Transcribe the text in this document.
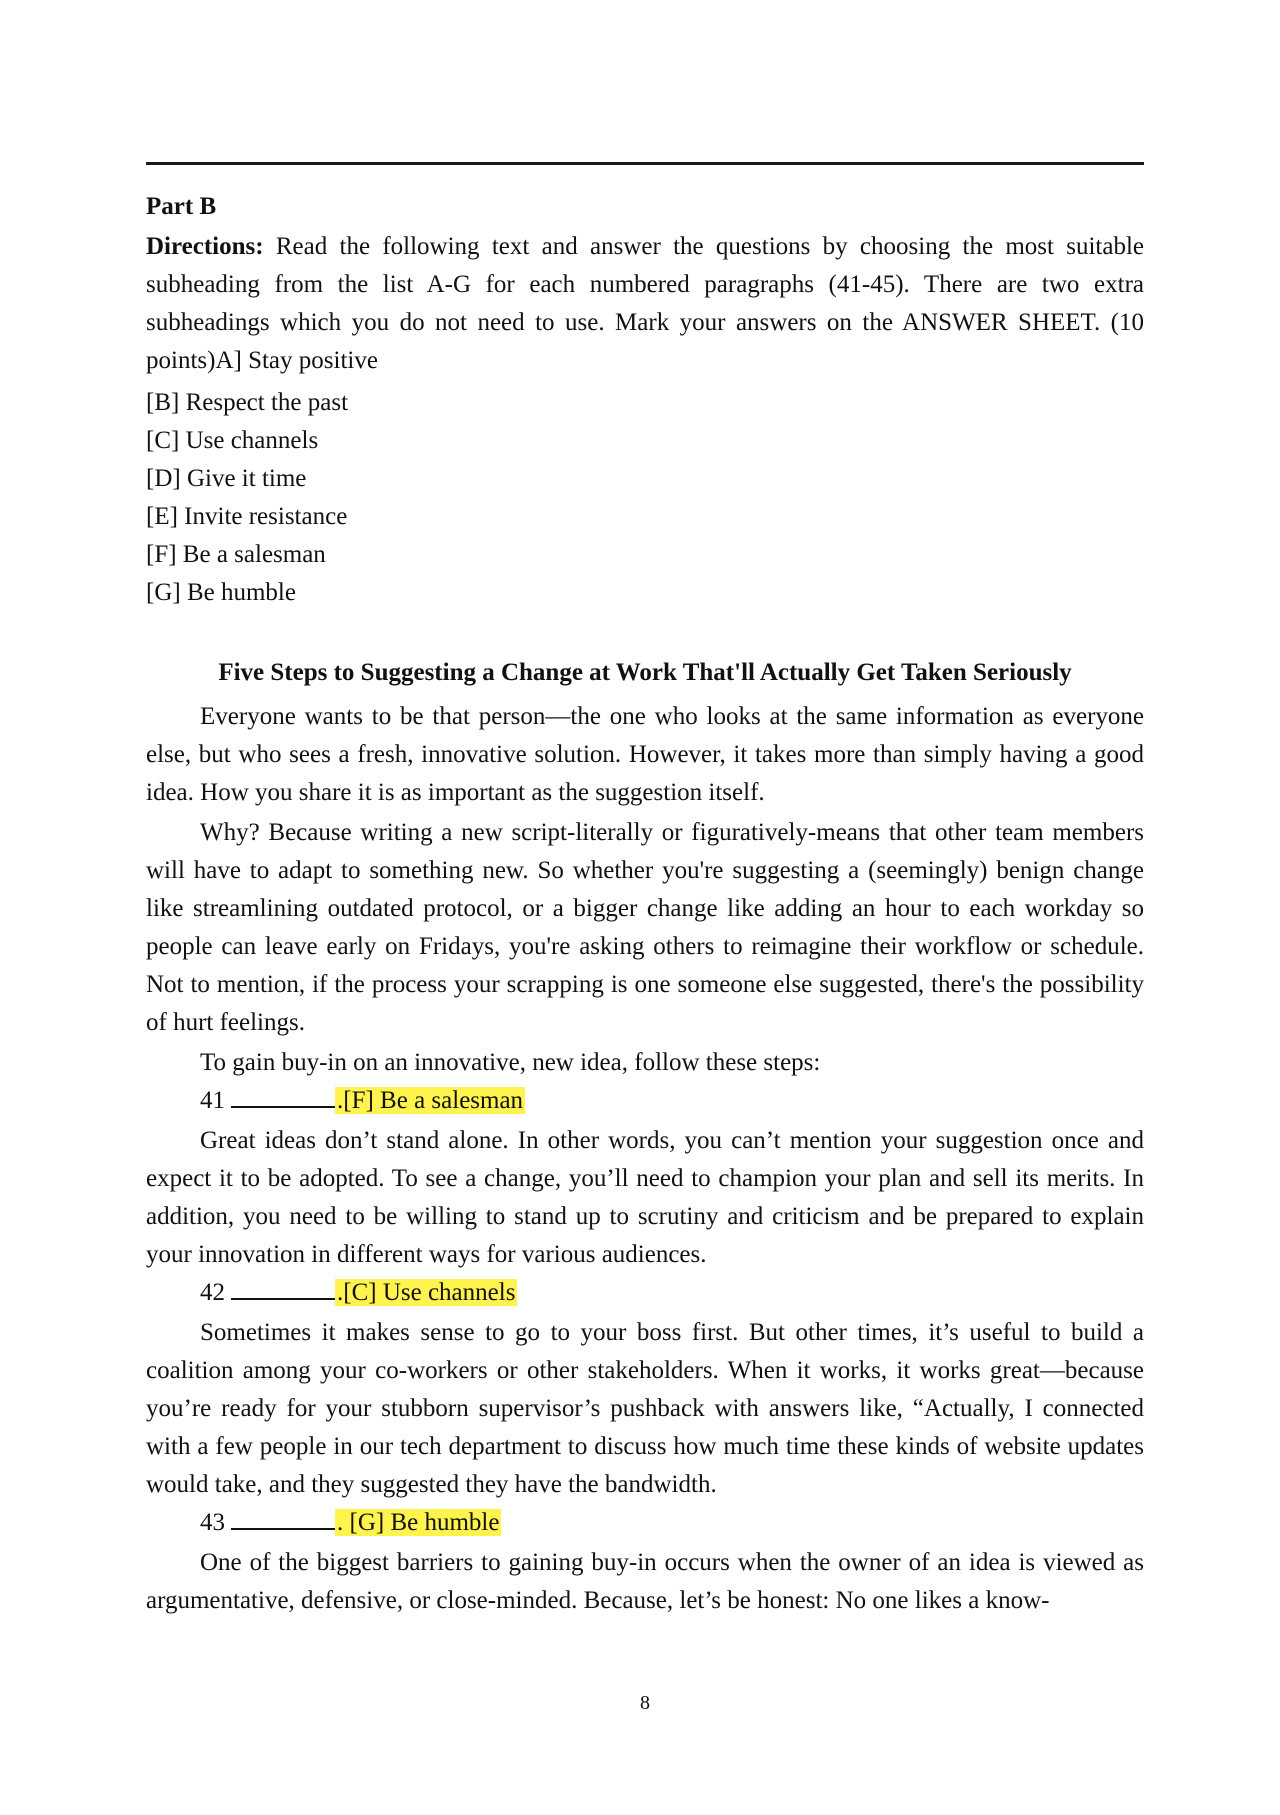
Part B

Directions: Read the following text and answer the questions by choosing the most suitable subheading from the list A-G for each numbered paragraphs (41-45). There are two extra subheadings which you do not need to use. Mark your answers on the ANSWER SHEET. (10 points)A] Stay positive

[B] Respect the past
[C] Use channels
[D] Give it time
[E] Invite resistance
[F] Be a salesman
[G] Be humble

Five Steps to Suggesting a Change at Work That'll Actually Get Taken Seriously

Everyone wants to be that person—the one who looks at the same information as everyone else, but who sees a fresh, innovative solution. However, it takes more than simply having a good idea. How you share it is as important as the suggestion itself.

Why? Because writing a new script-literally or figuratively-means that other team members will have to adapt to something new. So whether you're suggesting a (seemingly) benign change like streamlining outdated protocol, or a bigger change like adding an hour to each workday so people can leave early on Fridays, you're asking others to reimagine their workflow or schedule. Not to mention, if the process your scrapping is one someone else suggested, there's the possibility of hurt feelings.

To gain buy-in on an innovative, new idea, follow these steps:

41	.[F] Be a salesman

Great ideas don’t stand alone. In other words, you can’t mention your suggestion once and expect it to be adopted. To see a change, you’ll need to champion your plan and sell its merits. In addition, you need to be willing to stand up to scrutiny and criticism and be prepared to explain your innovation in different ways for various audiences.

42	.[C] Use channels

Sometimes it makes sense to go to your boss first. But other times, it’s useful to build a coalition among your co-workers or other stakeholders. When it works, it works great—because you’re ready for your stubborn supervisor’s pushback with answers like, “Actually, I connected with a few people in our tech department to discuss how much time these kinds of website updates would take, and they suggested they have the bandwidth.

43	. [G] Be humble

One of the biggest barriers to gaining buy-in occurs when the owner of an idea is viewed as argumentative, defensive, or close-minded. Because, let’s be honest: No one likes a know-

8
